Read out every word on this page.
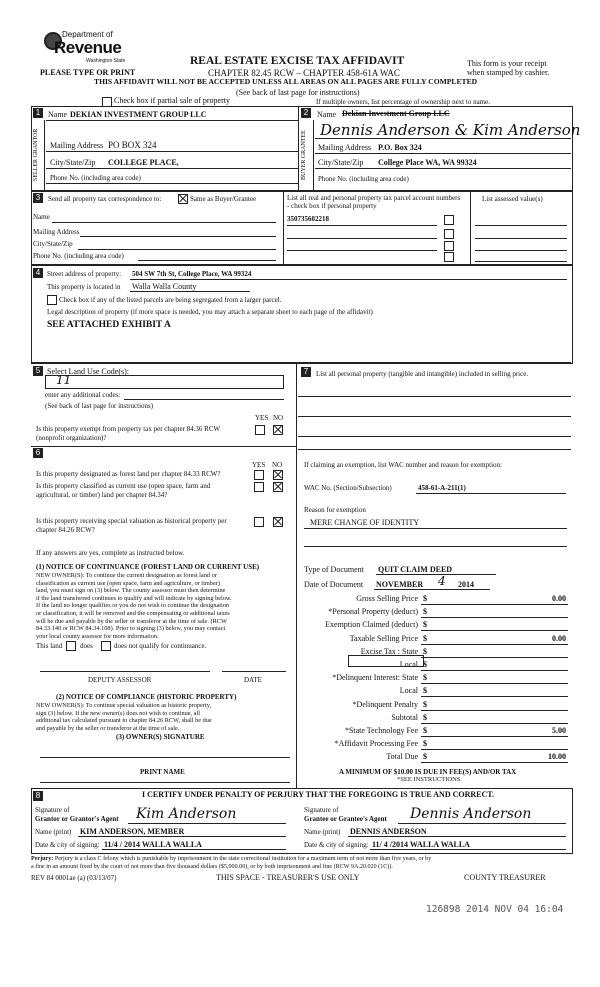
Department of
Revenue
Washington State
PLEASE TYPE OR PRINT
REAL ESTATE EXCISE TAX AFFIDAVIT
CHAPTER 82.45 RCW – CHAPTER 458-61A WAC
THIS AFFIDAVIT WILL NOT BE ACCEPTED UNLESS ALL AREAS ON ALL PAGES ARE FULLY COMPLETED
(See back of last page for instructions)
This form is your receipt when stamped by cashier.
Check box if partial sale of property	If multiple owners, list percentage of ownership next to name.
1	2
SELLER GRANTOR	BUYER GRANTEE
Name DEKIAN INVESTMENT GROUP LLC
Mailing Address PO BOX 324
City/State/Zip COLLEGE PLACE,
Phone No. (including area code)
Name Dekian Investment Group LLC
Dennis Anderson & Kim Anderson
Mailing Address P.O. Box 324
City/State/Zip College Place WA, WA 99324
Phone No. (including area code)
3	Send all property tax correspondence to:	Same as Buyer/Grantee	List all real and personal property tax parcel account numbers - check box if personal property
List assessed value(s)
350735602218
Name
Mailing Address
City/State/Zip
Phone No. (including area code)
4 Street address of property: 504 SW 7th St, College Place, WA 99324
This property is located in Walla Walla County
Check box if any of the listed parcels are being segregated from a larger parcel.
Legal description of property (if more space is needed, you may attach a separate sheet to each page of the affidavit)
SEE ATTACHED EXHIBIT A
5 Select Land Use Code(s):
11
enter any additional codes:
(See back of last page for instructions)
YES NO
Is this property exempt from property tax per chapter 84.36 RCW (nonprofit organization)?
6
YES NO
Is this property designated as forest land per chapter 84.33 RCW?
Is this property classified as current use (open space, farm and agricultural, or timber) land per chapter 84.34?
Is this property receiving special valuation as historical property per chapter 84.26 RCW?
If any answers are yes, complete as instructed below.
(1) NOTICE OF CONTINUANCE (FOREST LAND OR CURRENT USE)
NEW OWNER(S): To continue the current designation as forest land or
classification as current use (open space, farm and agriculture, or timber)
land, you must sign on (3) below. The county assessor must then determine
if the land transferred continues to qualify and will indicate by signing below.
If the land no longer qualifies or you do not wish to continue the designation
or classification, it will be removed and the compensating or additional taxes
will be due and payable by the seller or transferor at the time of sale. (RCW
84.33.140 or RCW 84.34.108). Prior to signing (3) below, you may contact
your local county assessor for more information.
This land	does	does not qualify for continuance.
DEPUTY ASSESSOR	DATE
(2) NOTICE OF COMPLIANCE (HISTORIC PROPERTY)
NEW OWNER(S): To continue special valuation as historic property,
sign (3) below. If the new owner(s) does not wish to continue, all
additional tax calculated pursuant to chapter 84.26 RCW, shall be due
and payable by the seller or transferor at the time of sale.
(3) OWNER(S) SIGNATURE
PRINT NAME
7	List all personal property (tangible and intangible) included in selling price.
If claiming an exemption, list WAC number and reason for exemption:
WAC No. (Section/Subsection)	458-61-A-211(1)
Reason for exemption
MERE CHANGE OF IDENTITY
Type of Document QUIT CLAIM DEED
Date of Document NOVEMBER 4 2014
Gross Selling Price $	0.00
*Personal Property (deduct) $
Exemption Claimed (deduct) $
Taxable Selling Price $	0.00
Excise Tax : State $
Local $
*Delinquent Interest: State $
Local $
*Delinquent Penalty $
Subtotal $
*State Technology Fee $	5.00
*Affidavit Processing Fee $
Total Due $	10.00
A MINIMUM OF $10.00 IS DUE IN FEE(S) AND/OR TAX
*SEE INSTRUCTIONS
8	I CERTIFY UNDER PENALTY OF PERJURY THAT THE FOREGOING IS TRUE AND CORRECT.
Signature of
Grantor or Grantor's Agent Kim Anderson
Name (print) KIM ANDERSON, MEMBER
Date & city of signing: 11/4 / 2014 WALLA WALLA
Signature of
Grantee or Grantee's Agent Dennis Anderson
Name (print) DENNIS ANDERSON
Date & city of signing: 11/ 4 /2014 WALLA WALLA
Perjury: Perjury is a class C felony which is punishable by imprisonment in the state correctional institution for a maximum term of not more than five years, or by
a fine in an amount fixed by the court of not more than five thousand dollars ($5,000.00), or by both imprisonment and fine (RCW 9A.20.020 (1C)).
REV 84 0001ae (a) (03/13/07)	THIS SPACE - TREASURER'S USE ONLY	COUNTY TREASURER
126898 2014 NOV 04 16:04
